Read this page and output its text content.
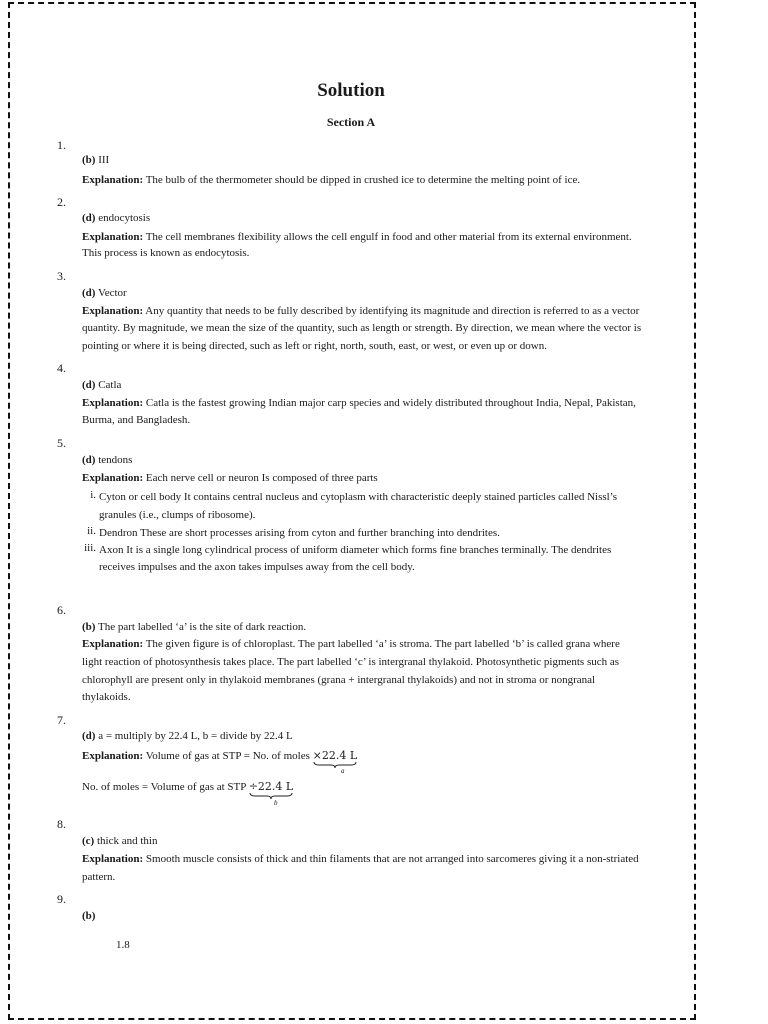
Solution
Section A
1.
(b) III
Explanation: The bulb of the thermometer should be dipped in crushed ice to determine the melting point of ice.
2.
(d) endocytosis
Explanation: The cell membranes flexibility allows the cell engulf in food and other material from its external environment.
This process is known as endocytosis.
3.
(d) Vector
Explanation: Any quantity that needs to be fully described by identifying its magnitude and direction is referred to as a vector
quantity. By magnitude, we mean the size of the quantity, such as length or strength. By direction, we mean where the vector is
pointing or where it is being directed, such as left or right, north, south, east, or west, or even up or down.
4.
(d) Catla
Explanation: Catla is the fastest growing Indian major carp species and widely distributed throughout India, Nepal, Pakistan,
Burma, and Bangladesh.
5.
(d) tendons
Explanation: Each nerve cell or neuron Is composed of three parts
i. Cyton or cell body It contains central nucleus and cytoplasm with characteristic deeply stained particles called Nissl’s
granules (i.e., clumps of ribosome).
ii. Dendron These are short processes arising from cyton and further branching into dendrites.
iii. Axon It is a single long cylindrical process of uniform diameter which forms fine branches terminally. The dendrites
receives impulses and the axon takes impulses away from the cell body.
6.
(b) The part labelled ‘a’ is the site of dark reaction.
Explanation: The given figure is of chloroplast. The part labelled ‘a’ is stroma. The part labelled ‘b’ is called grana where
light reaction of photosynthesis takes place. The part labelled ‘c’ is intergranal thylakoid. Photosynthetic pigments such as
chlorophyll are present only in thylakoid membranes (grana + intergranal thylakoids) and not in stroma or nongranal
thylakoids.
7.
(d) a = multiply by 22.4 L, b = divide by 22.4 L
Explanation: Volume of gas at STP = No. of moles ×22.4 L
a
No. of moles = Volume of gas at STP ÷22.4 L
b
8.
(c) thick and thin
Explanation: Smooth muscle consists of thick and thin filaments that are not arranged into sarcomeres giving it a non-striated
pattern.
9.
(b)
1.8
